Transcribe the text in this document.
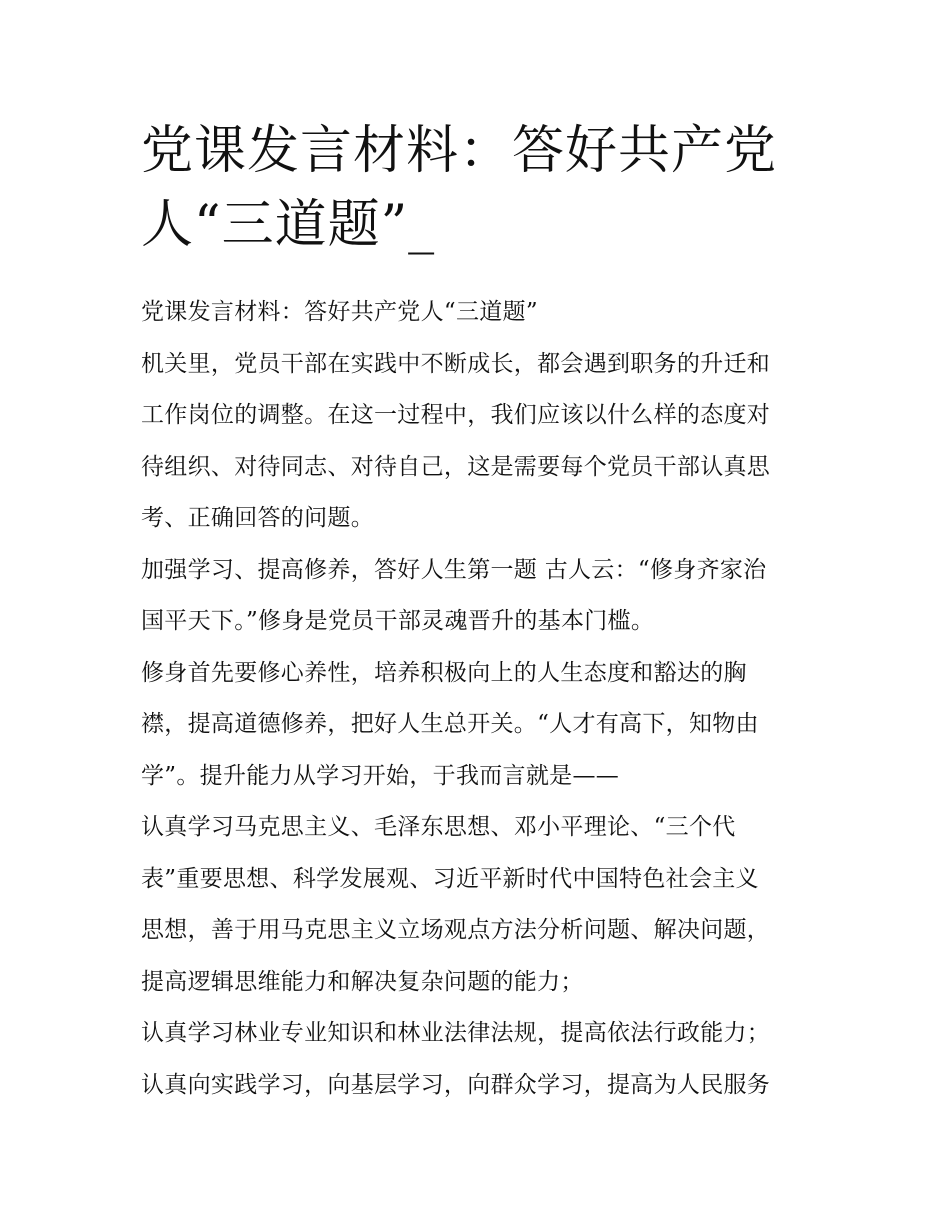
党课发言材料：答好共产党
人“三道题”_
党课发言材料：答好共产党人“三道题”
机关里，党员干部在实践中不断成长，都会遇到职务的升迁和
工作岗位的调整。在这一过程中，我们应该以什么样的态度对
待组织、对待同志、对待自己，这是需要每个党员干部认真思
考、正确回答的问题。
加强学习、提高修养，答好人生第一题 古人云：“修身齐家治
国平天下。”修身是党员干部灵魂晋升的基本门槛。
修身首先要修心养性，培养积极向上的人生态度和豁达的胸
襟，提高道德修养，把好人生总开关。“人才有高下，知物由
学”。提升能力从学习开始，于我而言就是——
认真学习马克思主义、毛泽东思想、邓小平理论、“三个代
表”重要思想、科学发展观、习近平新时代中国特色社会主义
思想，善于用马克思主义立场观点方法分析问题、解决问题，
提高逻辑思维能力和解决复杂问题的能力；
认真学习林业专业知识和林业法律法规，提高依法行政能力；
认真向实践学习，向基层学习，向群众学习，提高为人民服务
